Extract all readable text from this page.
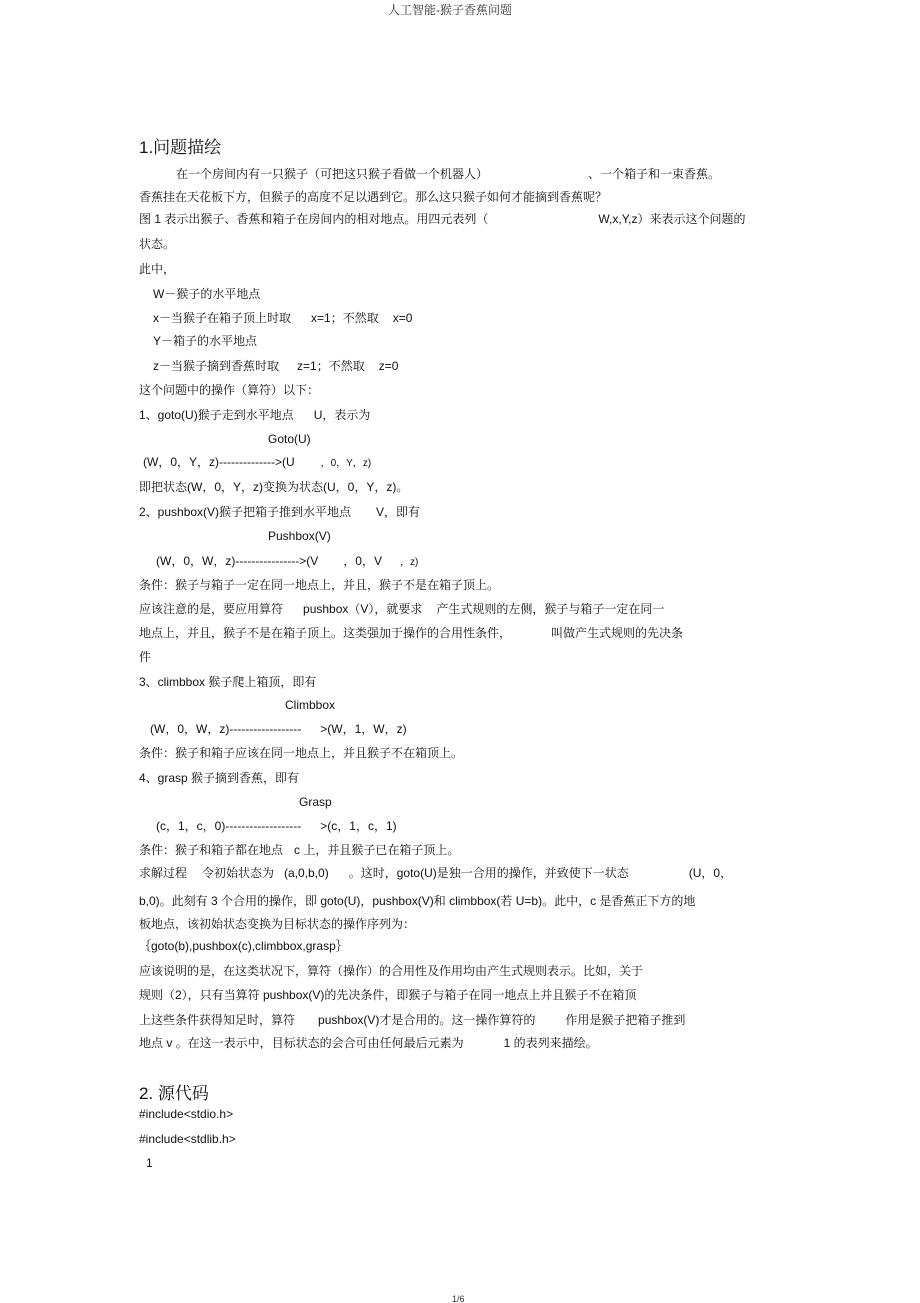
人工智能-猴子香蕉问题
1.问题描绘
在一个房间内有一只猴子（可把这只猴子看做一个机器人）	、一个箱子和一束香蕉。
香蕉挂在天花板下方，但猴子的高度不足以遇到它。那么这只猴子如何才能摘到香蕉呢？
图 1 表示出猴子、香蕉和箱子在房间内的相对地点。用四元表列（	W,x,Y,z）来表示这个问题的
状态。
此中，
W－猴子的水平地点
x－当猴子在箱子顶上时取 x=1；不然取 x=0
Y－箱子的水平地点
z－当猴子摘到香蕉时取 z=1；不然取 z=0
这个问题中的操作（算符）以下：
1、goto(U)猴子走到水平地点 U，表示为
Goto(U)
(W，0，Y，z)-------------->(U	，0，Y，z)
即把状态(W，0，Y，z)变换为状态(U，0，Y，z)。
2、pushbox(V)猴子把箱子推到水平地点 V，即有
Pushbox(V)
(W，0，W，z)---------------->(V ，0，V ，z)
条件：猴子与箱子一定在同一地点上，并且，猴子不是在箱子顶上。
应该注意的是，要应用算符 pushbox（V），就要求 产生式规则的左侧，猴子与箱子一定在同一
地点上，并且，猴子不是在箱子顶上。这类强加于操作的合用性条件，	叫做产生式规则的先决条
件
3、climbbox 猴子爬上箱顶，即有
Climbbox
(W，0，W，z)------------------ >(W，1，W，z)
条件：猴子和箱子应该在同一地点上，并且猴子不在箱顶上。
4、grasp 猴子摘到香蕉，即有
Grasp
(c，1，c，0)------------------- >(c，1，c，1)
条件：猴子和箱子都在地点 c 上，并且猴子已在箱子顶上。
求解过程 令初始状态为 (a,0,b,0) 。这时，goto(U)是独一合用的操作，并致使下一状态	(U，0，
b,0)。此刻有 3 个合用的操作，即 goto(U)，pushbox(V)和 climbbox(若 U=b)。此中，c 是香蕉正下方的地
板地点，该初始状态变换为目标状态的操作序列为：
｛goto(b),pushbox(c),climbbox,grasp｝
应该说明的是，在这类状况下，算符（操作）的合用性及作用均由产生式规则表示。比如，关于
规则（2），只有当算符 pushbox(V)的先决条件，即猴子与箱子在同一地点上并且猴子不在箱顶
上这些条件获得知足时，算符 pushbox(V)才是合用的。这一操作算符的	作用是猴子把箱子推到
地点 v 。在这一表示中，目标状态的会合可由任何最后元素为	1 的表列来描绘。
2. 源代码
#include<stdio.h>
#include<stdlib.h>
1
1/6
